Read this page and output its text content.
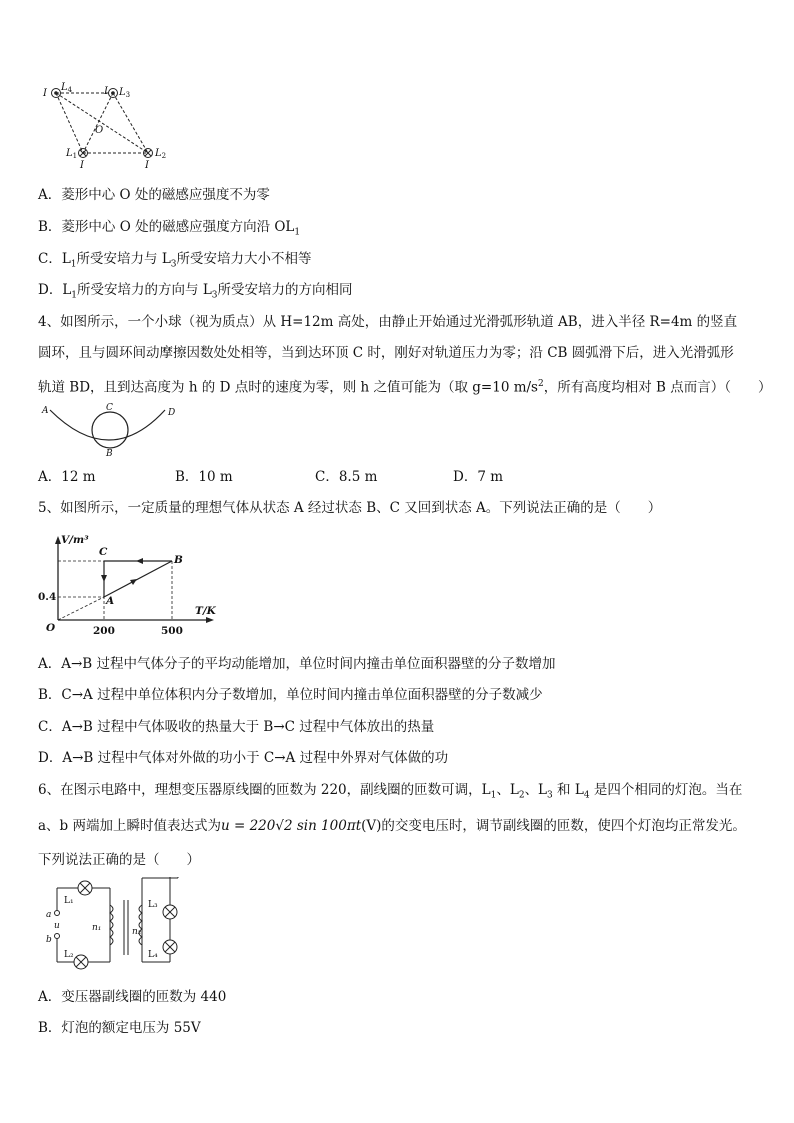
I
$L_4$	I $L_3$
O
$L_1$
I
$L_2$
I
A．菱形中心 O 处的磁感应强度不为零
B．菱形中心 O 处的磁感应强度方向沿 $OL_1$
C．$L_1$所受安培力与 $L_3$所受安培力大小不相等
D．$L_1$所受安培力的方向与 $L_3$所受安培力的方向相同
4、如图所示，一个小球（视为质点）从 H=12m 高处，由静止开始通过光滑弧形轨道 AB，进入半径 R=4m 的竖直
圆环，且与圆环间动摩擦因数处处相等，当到达环顶 C 时，刚好对轨道压力为零；沿 CB 圆弧滑下后，进入光滑弧形
轨道 BD，且到达高度为 h 的 D 点时的速度为零，则 h 之值可能为（取 g=10 $m/s^2$，所有高度均相对 B 点而言）（　　）
A	C	D
B
A．12 m	B．10 m	C．8.5 m	D．7 m
5、如图所示，一定质量的理想气体从状态 A 经过状态 B、C 又回到状态 A。下列说法正确的是（　　）
V/m³
T/K
0.4
O	200	500
A
B
C
A．A→B 过程中气体分子的平均动能增加，单位时间内撞击单位面积器壁的分子数增加
B．C→A 过程中单位体积内分子数增加，单位时间内撞击单位面积器壁的分子数减少
C．A→B 过程中气体吸收的热量大于 B→C 过程中气体放出的热量
D．A→B 过程中气体对外做的功小于 C→A 过程中外界对气体做的功
6、在图示电路中，理想变压器原线圈的匝数为 220，副线圈的匝数可调，$L_1$、$L_2$、$L_3$ 和 $L_4$ 是四个相同的灯泡。当在
a、b 两端加上瞬时值表达式为u = 220√2 sin 100πt(V)的交变电压时，调节副线圈的匝数，使四个灯泡均正常发光。
下列说法正确的是（　　）
a
u
b
L₁
L₂
L₃
L₄
n₁	n₂
A．变压器副线圈的匝数为 440
B．灯泡的额定电压为 55V
